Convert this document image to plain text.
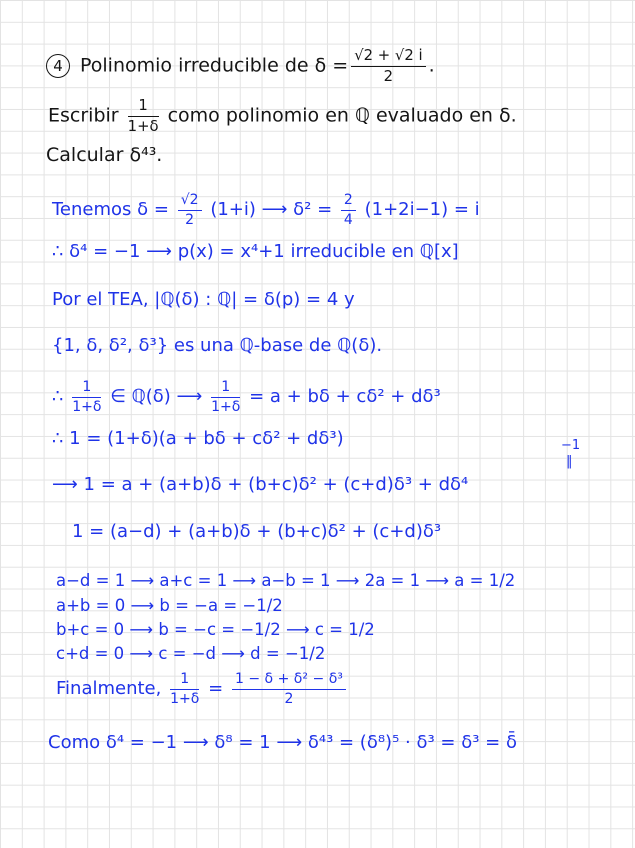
4 Polinomio irreducible de $\delta = \frac{√2 + √2 i}{2}$ .
Escribir $\frac{1}{1+\delta}$ como polinomio en ℚ evaluado en δ.
Calcular δ⁴³.
Tenemos $\delta = \frac{√2}{2} (1+i)$ ⟶ $\delta^2 = \frac{2}{4} (1+2i-1) = i$
∴ δ⁴ = −1 ⟶ p(x) = x⁴+1 irreducible en ℚ[x]
Por el TEA, |ℚ(δ) : ℚ| = δ(p) = 4 y
{1, δ, δ², δ³} es una ℚ-base de ℚ(δ).
∴ $\frac{1}{1+\delta}$ ∈ ℚ(δ) ⟶ $\frac{1}{1+\delta} = a + b\delta + c\delta^2 + d\delta^3$
∴ 1 = (1+δ)(a + bδ + cδ² + dδ³)	−1
‖
⟶ 1 = a + (a+b)δ + (b+c)δ² + (c+d)δ³ + dδ⁴
1 = (a−d) + (a+b)δ + (b+c)δ² + (c+d)δ³
a−d = 1 ⟶ a+c = 1 ⟶ a−b = 1 ⟶ 2a = 1 ⟶ a = 1/2
a+b = 0 ⟶ b = −a = −1/2
b+c = 0 ⟶ b = −c = −1/2 ⟶ c = 1/2
c+d = 0 ⟶ c = −d ⟶ d = −1/2
Finalmente, $\frac{1}{1+\delta} = \frac{\text{1 − δ + δ² − δ³}}{2}$
Como δ⁴ = −1 ⟶ δ⁸ = 1 ⟶ δ⁴³ = (δ⁸)⁵ · δ³ = δ³ = δ̄
